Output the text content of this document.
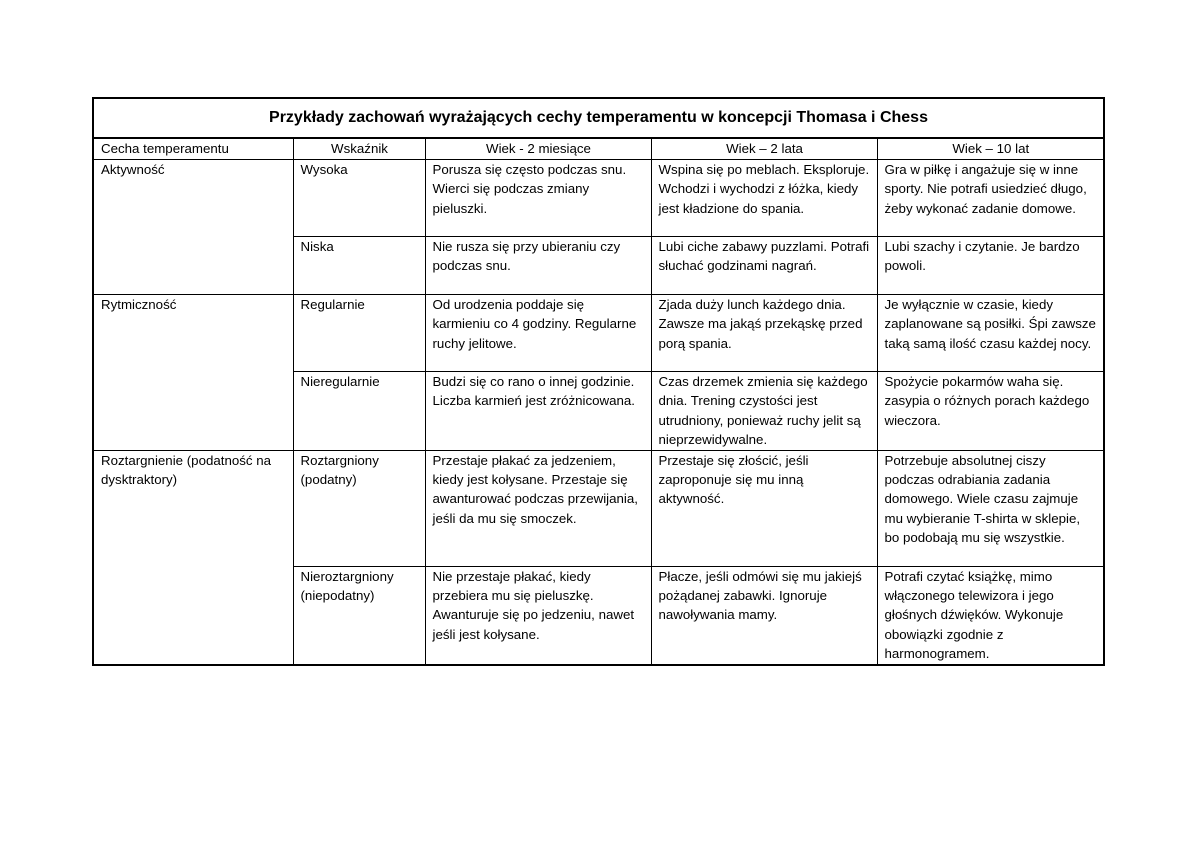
Przykłady zachowań wyrażających cechy temperamentu w koncepcji Thomasa i Chess				
Cecha temperamentu	Wskaźnik	Wiek - 2 miesiące	Wiek – 2 lata	Wiek – 10 lat
Aktywność	Wysoka	Porusza się często podczas snu. Wierci się podczas zmiany pieluszki.	Wspina się po meblach. Eksploruje. Wchodzi i wychodzi z łóżka, kiedy jest kładzione do spania.	Gra w piłkę i angażuje się w inne sporty. Nie potrafi usiedzieć długo, żeby wykonać zadanie domowe.
	Niska	Nie rusza się przy ubieraniu czy podczas snu.	Lubi ciche zabawy puzzlami. Potrafi słuchać godzinami nagrań.	Lubi szachy i czytanie. Je bardzo powoli.
Rytmiczność	Regularnie	Od urodzenia poddaje się karmieniu co 4 godziny. Regularne ruchy jelitowe.	Zjada duży lunch każdego dnia. Zawsze ma jakąś przekąskę przed porą spania.	Je wyłącznie w czasie, kiedy zaplanowane są posiłki. Śpi zawsze taką samą ilość czasu każdej nocy.
	Nieregularnie	Budzi się co rano o innej godzinie. Liczba karmień jest zróżnicowana.	Czas drzemek zmienia się każdego dnia. Trening czystości jest utrudniony, ponieważ ruchy jelit są nieprzewidywalne.	Spożycie pokarmów waha się. zasypia o różnych porach każdego wieczora.
Roztargnienie (podatność na dysktraktory)	Roztargniony (podatny)	Przestaje płakać za jedzeniem, kiedy jest kołysane. Przestaje się awanturować podczas przewijania, jeśli da mu się smoczek.	Przestaje się złościć, jeśli zaproponuje się mu inną aktywność.	Potrzebuje absolutnej ciszy podczas odrabiania zadania domowego. Wiele czasu zajmuje mu wybieranie T-shirta w sklepie, bo podobają mu się wszystkie.
	Nieroztargniony (niepodatny)	Nie przestaje płakać, kiedy przebiera mu się pieluszkę. Awanturuje się po jedzeniu, nawet jeśli jest kołysane.	Płacze, jeśli odmówi się mu jakiejś pożądanej zabawki. Ignoruje nawoływania mamy.	Potrafi czytać książkę, mimo włączonego telewizora i jego głośnych dźwięków. Wykonuje obowiązki zgodnie z harmonogramem.
